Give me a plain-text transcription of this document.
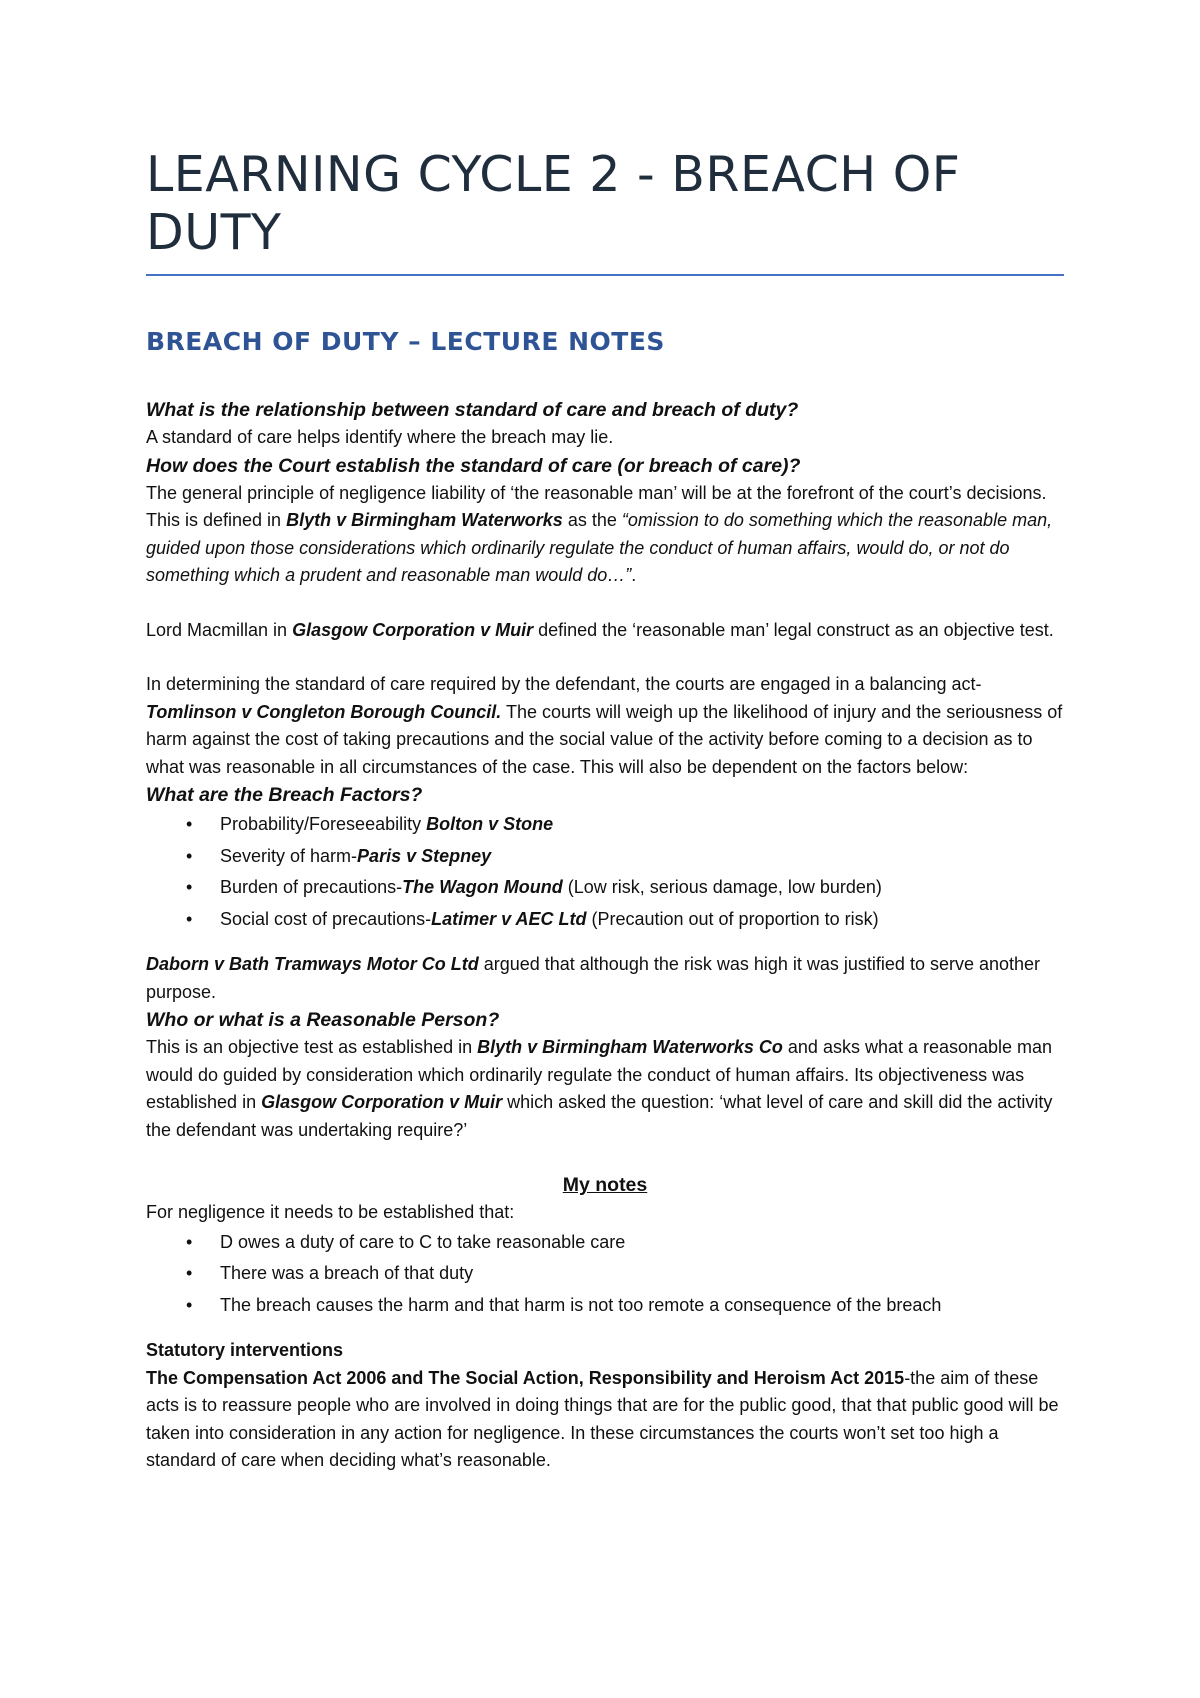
LEARNING CYCLE 2 - BREACH OF DUTY
BREACH OF DUTY – LECTURE NOTES

What is the relationship between standard of care and breach of duty?

A standard of care helps identify where the breach may lie.

How does the Court establish the standard of care (or breach of care)?

The general principle of negligence liability of ‘the reasonable man’ will be at the forefront of the court’s decisions. This is defined in Blyth v Birmingham Waterworks as the “omission to do something which the reasonable man, guided upon those considerations which ordinarily regulate the conduct of human affairs, would do, or not do something which a prudent and reasonable man would do…”.

Lord Macmillan in Glasgow Corporation v Muir defined the ‘reasonable man’ legal construct as an objective test.

In determining the standard of care required by the defendant, the courts are engaged in a balancing act-Tomlinson v Congleton Borough Council. The courts will weigh up the likelihood of injury and the seriousness of harm against the cost of taking precautions and the social value of the activity before coming to a decision as to what was reasonable in all circumstances of the case. This will also be dependent on the factors below:

What are the Breach Factors?

• Probability/Foreseeability Bolton v Stone
• Severity of harm-Paris v Stepney
• Burden of precautions-The Wagon Mound (Low risk, serious damage, low burden)
• Social cost of precautions-Latimer v AEC Ltd (Precaution out of proportion to risk)

Daborn v Bath Tramways Motor Co Ltd argued that although the risk was high it was justified to serve another purpose.

Who or what is a Reasonable Person?

This is an objective test as established in Blyth v Birmingham Waterworks Co and asks what a reasonable man would do guided by consideration which ordinarily regulate the conduct of human affairs. Its objectiveness was established in Glasgow Corporation v Muir which asked the question: ‘what level of care and skill did the activity the defendant was undertaking require?’

My notes

For negligence it needs to be established that:

• D owes a duty of care to C to take reasonable care
• There was a breach of that duty
• The breach causes the harm and that harm is not too remote a consequence of the breach

Statutory interventions

The Compensation Act 2006 and The Social Action, Responsibility and Heroism Act 2015-the aim of these acts is to reassure people who are involved in doing things that are for the public good, that that public good will be taken into consideration in any action for negligence. In these circumstances the courts won’t set too high a standard of care when deciding what’s reasonable.
